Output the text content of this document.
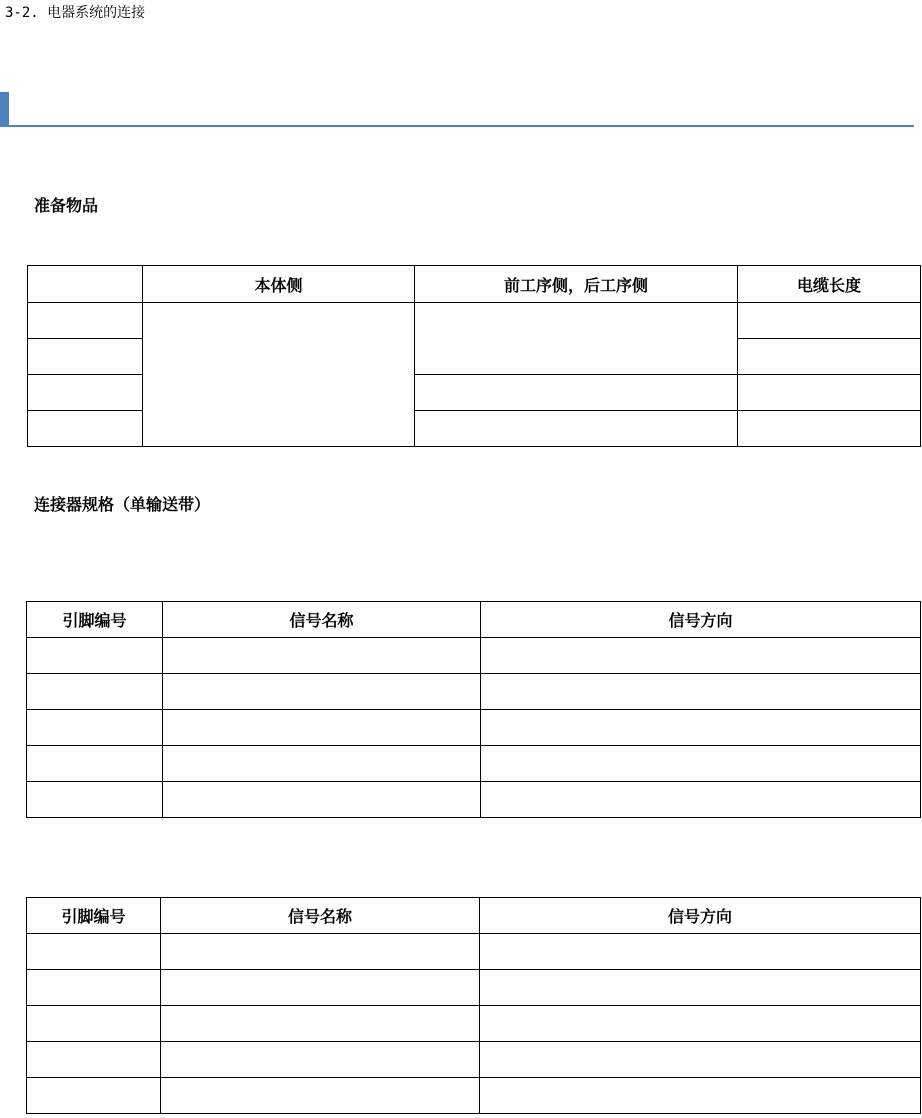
3-2. 电器系统的连接
准备物品
	本体侧	前工序侧，后工序侧	电缆长度

连接器规格（单输送带）
引脚编号	信号名称	信号方向

引脚编号	信号名称	信号方向
